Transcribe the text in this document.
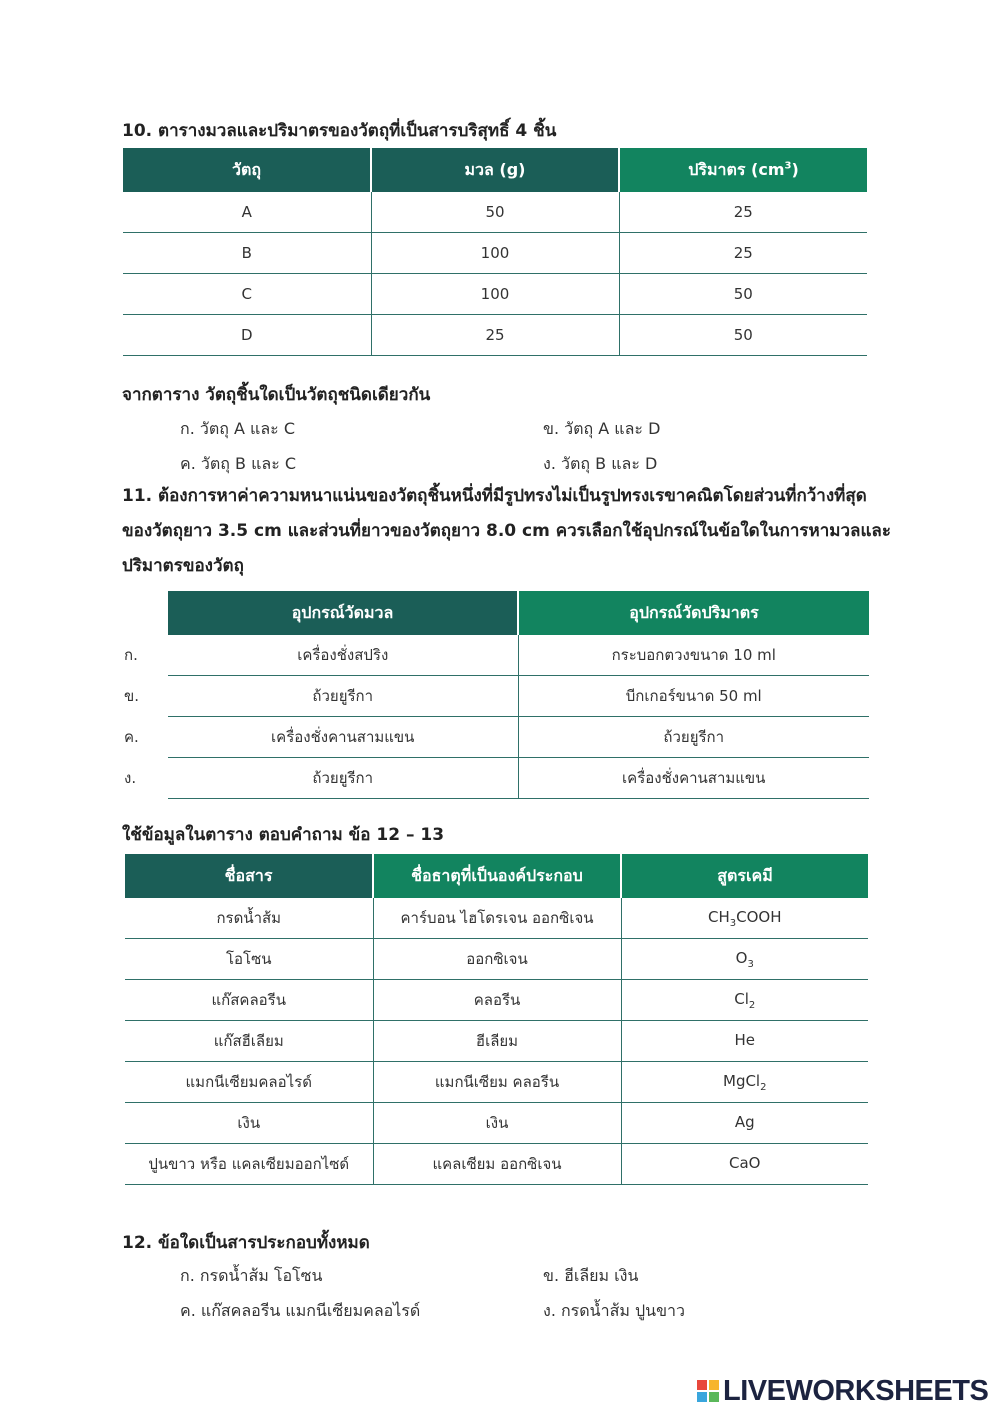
10. ตารางมวลและปริมาตรของวัตถุที่เป็นสารบริสุทธิ์ 4 ชิ้น
วัตถุ	มวล (g)	ปริมาตร $(cm^3)$
A	50	25
B	100	25
C	100	50
D	25	50
จากตาราง วัตถุชิ้นใดเป็นวัตถุชนิดเดียวกัน
ก. วัตถุ A และ C	ข. วัตถุ A และ D
ค. วัตถุ B และ C	ง. วัตถุ B และ D
11. ต้องการหาค่าความหนาแน่นของวัตถุชิ้นหนึ่งที่มีรูปทรงไม่เป็นรูปทรงเรขาคณิตโดยส่วนที่กว้างที่สุด
ของวัตถุยาว 3.5 cm และส่วนที่ยาวของวัตถุยาว 8.0 cm ควรเลือกใช้อุปกรณ์ในข้อใดในการหามวลและ
ปริมาตรของวัตถุ
	อุปกรณ์วัดมวล	อุปกรณ์วัดปริมาตร
ก.	เครื่องชั่งสปริง	กระบอกตวงขนาด 10 ml
ข.	ถ้วยยูรีกา	บีกเกอร์ขนาด 50 ml
ค.	เครื่องชั่งคานสามแขน	ถ้วยยูรีกา
ง.	ถ้วยยูรีกา	เครื่องชั่งคานสามแขน
ใช้ข้อมูลในตาราง ตอบคำถาม ข้อ 12 – 13
ชื่อสาร	ชื่อธาตุที่เป็นองค์ประกอบ	สูตรเคมี
กรดน้ำส้ม	คาร์บอน ไฮโดรเจน ออกซิเจน	$CH_3COOH$
โอโซน	ออกซิเจน	$O_3$
แก๊สคลอรีน	คลอรีน	$Cl_2$
แก๊สฮีเลียม	ฮีเลียม	He
แมกนีเซียมคลอไรด์	แมกนีเซียม คลอรีน	MgCl$_2$
เงิน	เงิน	Ag
ปูนขาว หรือ แคลเซียมออกไซด์	แคลเซียม ออกซิเจน	CaO
12. ข้อใดเป็นสารประกอบทั้งหมด
ก. กรดน้ำส้ม โอโซน	ข. ฮีเลียม เงิน
ค. แก๊สคลอรีน แมกนีเซียมคลอไรด์	ง. กรดน้ำส้ม ปูนขาว
LIVEWORKSHEETS
